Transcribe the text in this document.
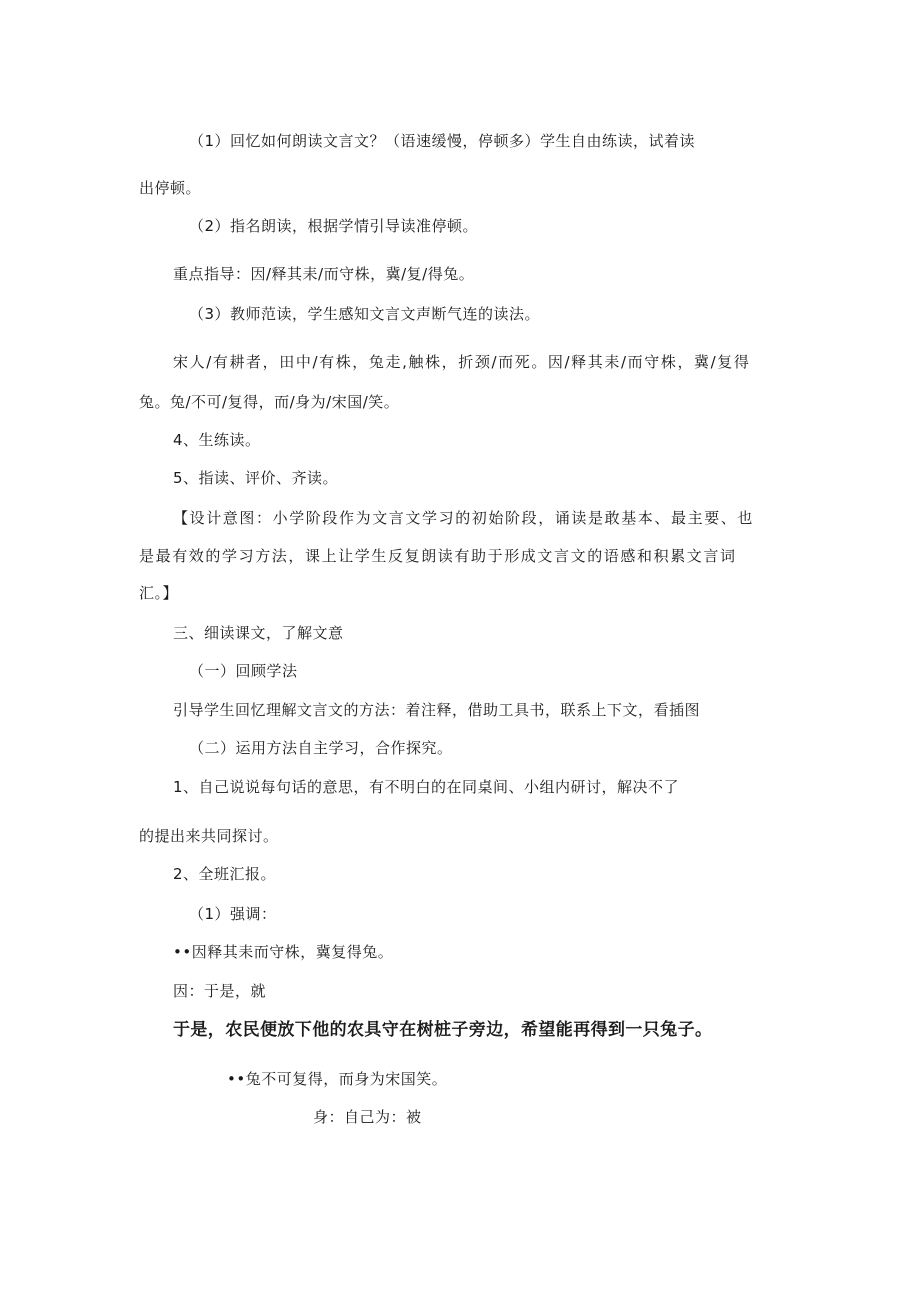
（1）回忆如何朗读文言文？（语速缓慢，停顿多）学生自由练读，试着读
出停顿。
（2）指名朗读，根据学情引导读准停顿。
重点指导：因/释其耒/而守株，冀/复/得兔。
（3）教师范读，学生感知文言文声断气连的读法。
宋人/有耕者，田中/有株，兔走,触株，折颈/而死。因/释其耒/而守株，冀/复得
兔。兔/不可/复得，而/身为/宋国/笑。
4、生练读。
5、指读、评价、齐读。
【设计意图：小学阶段作为文言文学习的初始阶段，诵读是敢基本、最主要、也
是最有效的学习方法，课上让学生反复朗读有助于形成文言文的语感和积累文言词
汇。】
三、细读课文，了解文意
（一）回顾学法
引导学生回忆理解文言文的方法：着注释，借助工具书，联系上下文，看插图
（二）运用方法自主学习，合作探究。
1、自己说说每句话的意思，有不明白的在同桌间、小组内研讨，解决不了
的提出来共同探讨。
2、全班汇报。
（1）强调：
••因释其耒而守株，冀复得兔。
因：于是，就
于是，农民便放下他的农具守在树桩子旁边，希望能再得到一只兔子。
••兔不可复得，而身为宋国笑。
身：自己为：被
